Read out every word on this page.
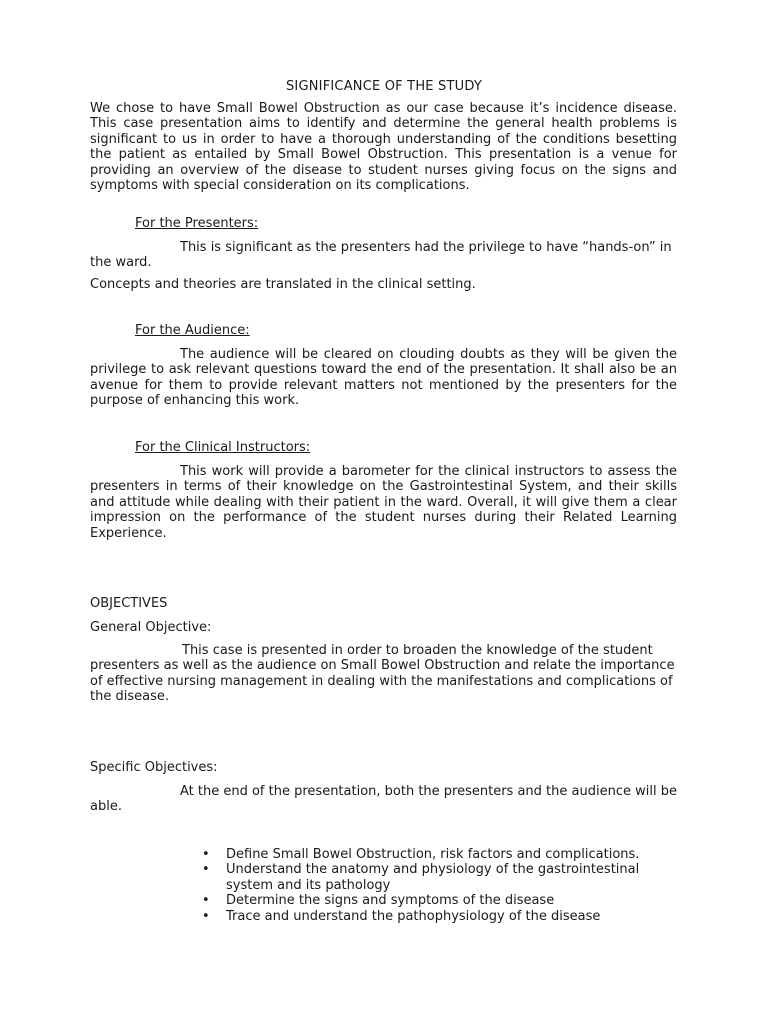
SIGNIFICANCE OF THE STUDY

We chose to have Small Bowel Obstruction as our case because it’s incidence disease. This case presentation aims to identify and determine the general health problems is significant to us in order to have a thorough understanding of the conditions besetting the patient as entailed by Small Bowel Obstruction. This presentation is a venue for providing an overview of the disease to student nurses giving focus on the signs and symptoms with special consideration on its complications.

For the Presenters:

This is significant as the presenters had the privilege to have “hands-on” in the ward.

Concepts and theories are translated in the clinical setting.

For the Audience:

The audience will be cleared on clouding doubts as they will be given the privilege to ask relevant questions toward the end of the presentation. It shall also be an avenue for them to provide relevant matters not mentioned by the presenters for the purpose of enhancing this work.

For the Clinical Instructors:

This work will provide a barometer for the clinical instructors to assess the presenters in terms of their knowledge on the Gastrointestinal System, and their skills and attitude while dealing with their patient in the ward. Overall, it will give them a clear impression on the performance of the student nurses during their Related Learning Experience.

OBJECTIVES
General Objective:

This case is presented in order to broaden the knowledge of the student presenters as well as the audience on Small Bowel Obstruction and relate the importance of effective nursing management in dealing with the manifestations and complications of the disease.

Specific Objectives:

At the end of the presentation, both the presenters and the audience will be able.

• Define Small Bowel Obstruction, risk factors and complications.
• Understand the anatomy and physiology of the gastrointestinal system and its pathology
• Determine the signs and symptoms of the disease
• Trace and understand the pathophysiology of the disease
